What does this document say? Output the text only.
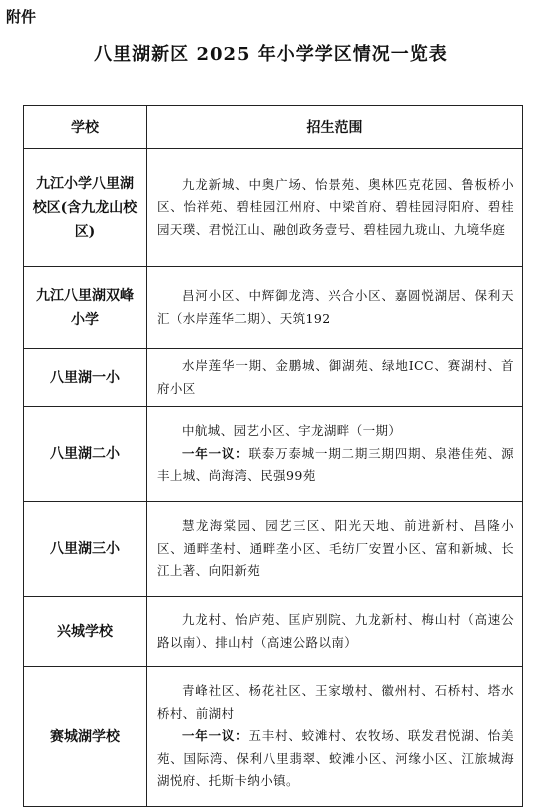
附件
八里湖新区 2025 年小学学区情况一览表
学校	招生范围
九江小学八里湖校区(含九龙山校区)	九龙新城、中奥广场、怡景苑、奥林匹克花园、鲁板桥小区、怡祥苑、碧桂园江州府、中梁首府、碧桂园浔阳府、碧桂园天璞、君悦江山、融创政务壹号、碧桂园九珑山、九境华庭

九江八里湖双峰小学	昌河小区、中辉御龙湾、兴合小区、嘉圆悦湖居、保利天汇（水岸莲华二期）、天筑192

八里湖一小	水岸莲华一期、金鹏城、御湖苑、绿地ICC、赛湖村、首府小区

八里湖二小	中航城、园艺小区、宇龙湖畔（一期）
一年一议：联泰万泰城一期二期三期四期、泉港佳苑、源丰上城、尚海湾、民强99苑

八里湖三小	慧龙海棠园、园艺三区、阳光天地、前进新村、昌隆小区、通畔垄村、通畔垄小区、毛纺厂安置小区、富和新城、长江上著、向阳新苑

兴城学校	九龙村、怡庐苑、匡庐别院、九龙新村、梅山村（高速公路以南）、排山村（高速公路以南）

赛城湖学校	青峰社区、杨花社区、王家墩村、徽州村、石桥村、塔水桥村、前湖村
一年一议：五丰村、蛟滩村、农牧场、联发君悦湖、怡美苑、国际湾、保利八里翡翠、蛟滩小区、河缘小区、江旅城海湖悦府、托斯卡纳小镇。
